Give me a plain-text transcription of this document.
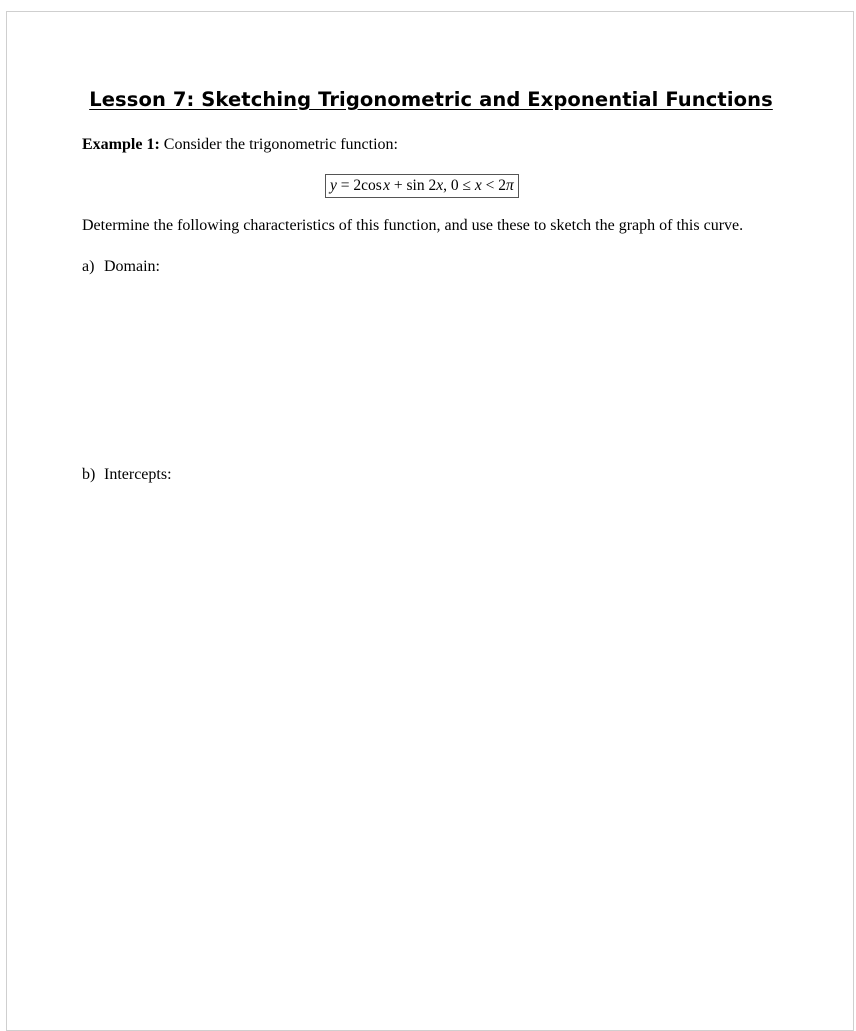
Lesson 7: Sketching Trigonometric and Exponential Functions
Example 1: Consider the trigonometric function:
y = 2cos x + sin 2x, 0 ≤ x < 2π
Determine the following characteristics of this function, and use these to sketch the graph of this curve.
a) Domain:
b) Intercepts:
